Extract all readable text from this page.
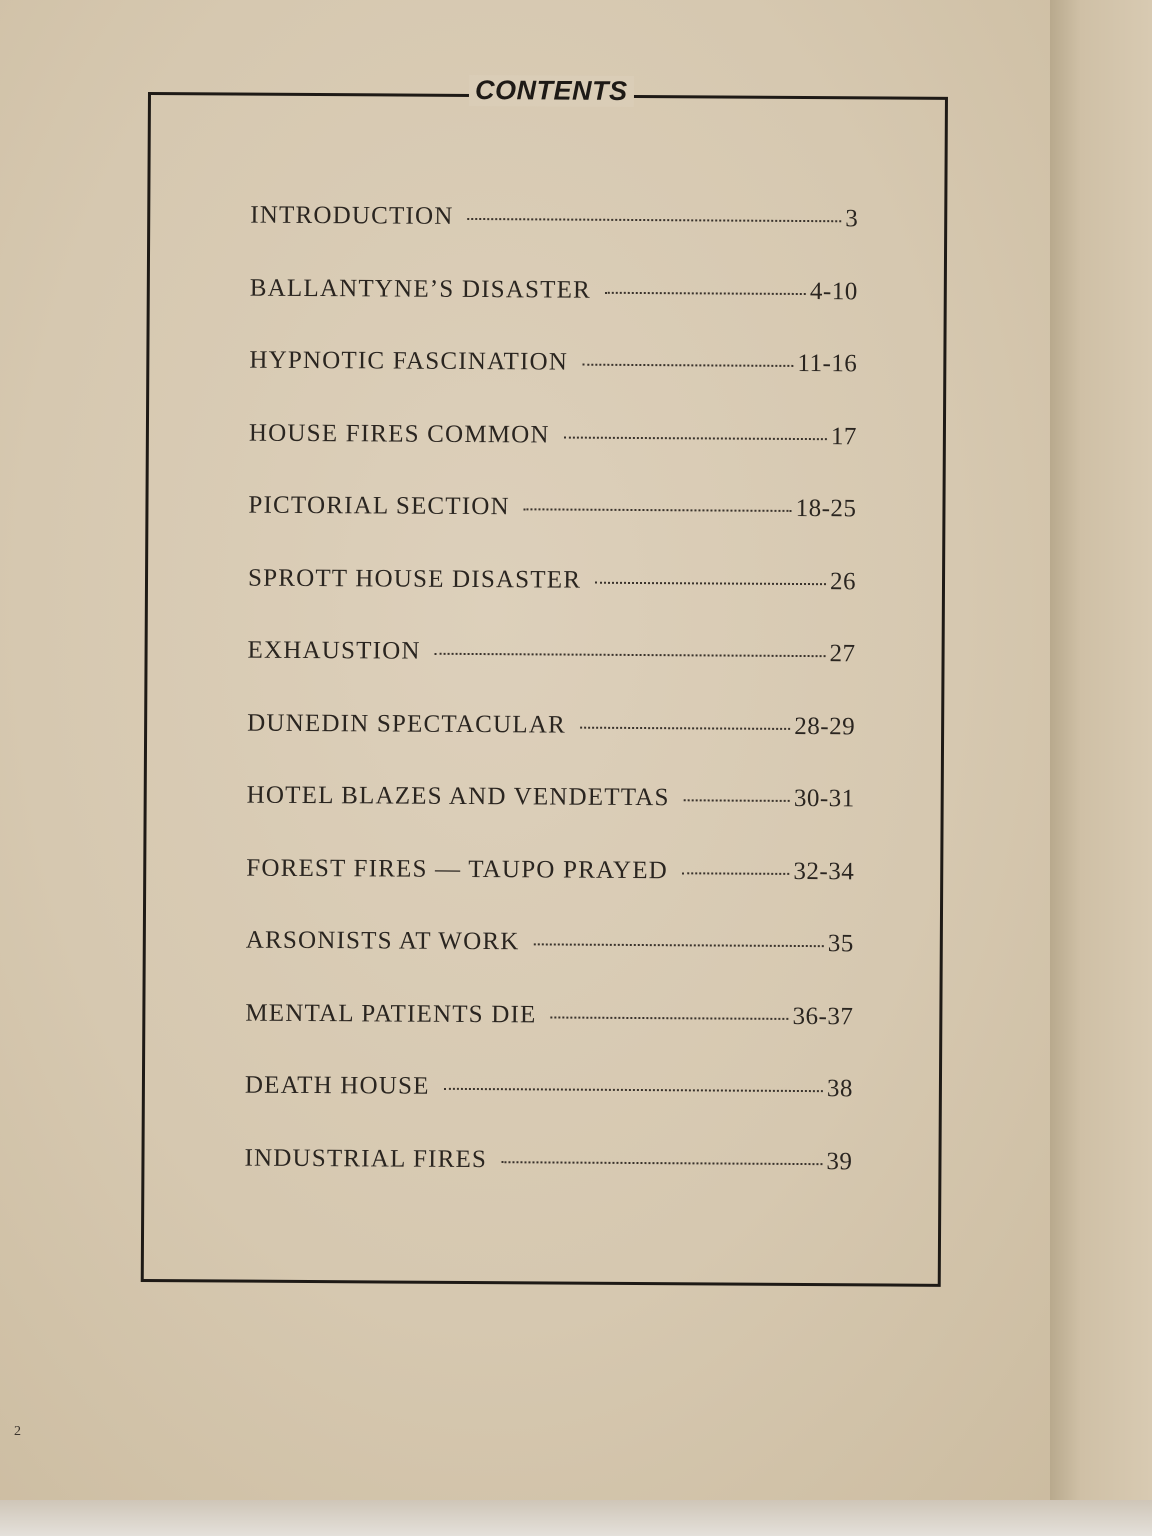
CONTENTS
INTRODUCTION	3
BALLANTYNE’S DISASTER	4-10
HYPNOTIC FASCINATION	11-16
HOUSE FIRES COMMON	17
PICTORIAL SECTION	18-25
SPROTT HOUSE DISASTER	26
EXHAUSTION	27
DUNEDIN SPECTACULAR	28-29
HOTEL BLAZES AND VENDETTAS	30-31
FOREST FIRES — TAUPO PRAYED	32-34
ARSONISTS AT WORK	35
MENTAL PATIENTS DIE	36-37
DEATH HOUSE	38
INDUSTRIAL FIRES	39
2
